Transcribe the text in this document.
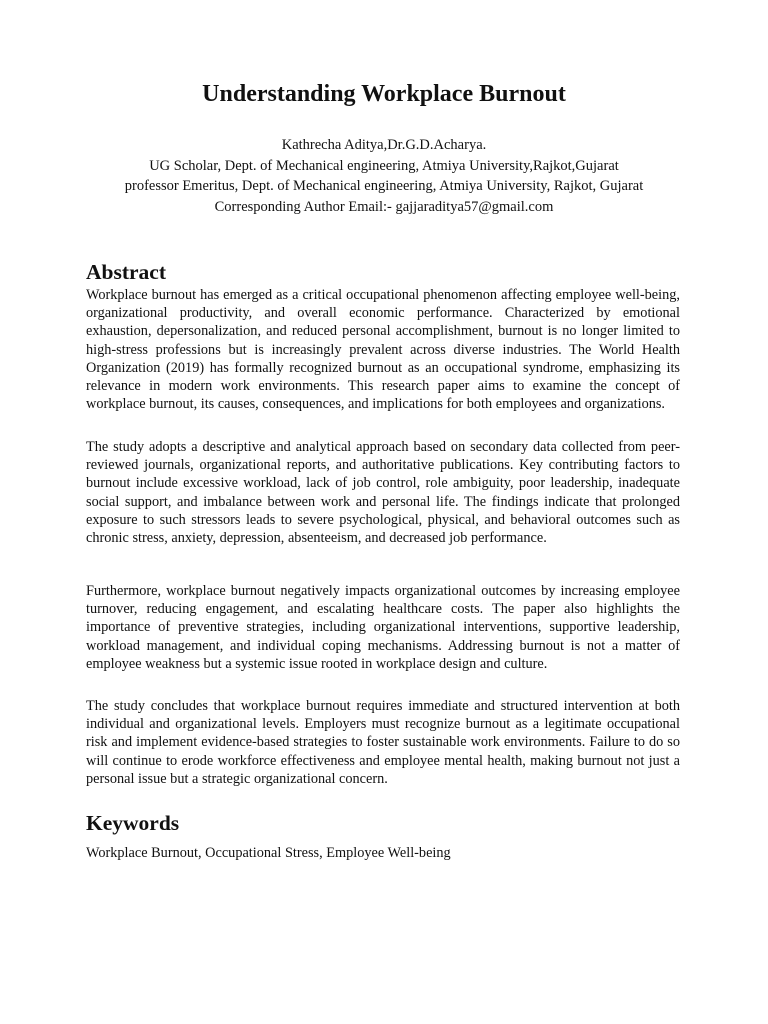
Understanding Workplace Burnout
Kathrecha Aditya,Dr.G.D.Acharya.
UG Scholar, Dept. of Mechanical engineering, Atmiya University,Rajkot,Gujarat
professor Emeritus, Dept. of Mechanical engineering, Atmiya University, Rajkot, Gujarat
Corresponding Author Email:- gajjaraditya57@gmail.com
Abstract

Workplace burnout has emerged as a critical occupational phenomenon affecting employee well-being, organizational productivity, and overall economic performance. Characterized by emotional exhaustion, depersonalization, and reduced personal accomplishment, burnout is no longer limited to high-stress professions but is increasingly prevalent across diverse industries. The World Health Organization (2019) has formally recognized burnout as an occupational syndrome, emphasizing its relevance in modern work environments. This research paper aims to examine the concept of workplace burnout, its causes, consequences, and implications for both employees and organizations.

The study adopts a descriptive and analytical approach based on secondary data collected from peer-reviewed journals, organizational reports, and authoritative publications. Key contributing factors to burnout include excessive workload, lack of job control, role ambiguity, poor leadership, inadequate social support, and imbalance between work and personal life. The findings indicate that prolonged exposure to such stressors leads to severe psychological, physical, and behavioral outcomes such as chronic stress, anxiety, depression, absenteeism, and decreased job performance.

Furthermore, workplace burnout negatively impacts organizational outcomes by increasing employee turnover, reducing engagement, and escalating healthcare costs. The paper also highlights the importance of preventive strategies, including organizational interventions, supportive leadership, workload management, and individual coping mechanisms. Addressing burnout is not a matter of employee weakness but a systemic issue rooted in workplace design and culture.

The study concludes that workplace burnout requires immediate and structured intervention at both individual and organizational levels. Employers must recognize burnout as a legitimate occupational risk and implement evidence-based strategies to foster sustainable work environments. Failure to do so will continue to erode workforce effectiveness and employee mental health, making burnout not just a personal issue but a strategic organizational concern.

Keywords

Workplace Burnout, Occupational Stress, Employee Well-being
